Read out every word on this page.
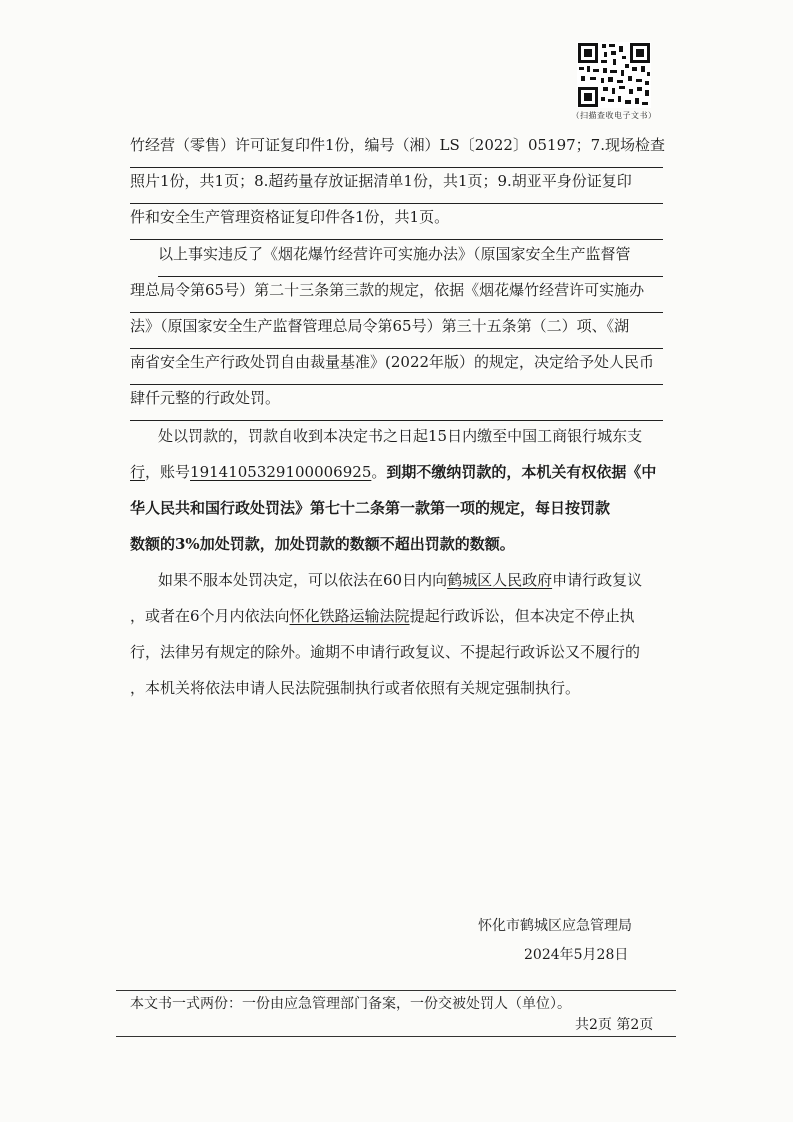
（扫描查收电子文书）
竹经营（零售）许可证复印件1份，编号（湘）LS〔2022〕05197；7.现场检查
照片1份，共1页；8.超药量存放证据清单1份，共1页；9.胡亚平身份证复印
件和安全生产管理资格证复印件各1份，共1页。
以上事实违反了《烟花爆竹经营许可实施办法》（原国家安全生产监督管
理总局令第65号）第二十三条第三款的规定，依据《烟花爆竹经营许可实施办
法》（原国家安全生产监督管理总局令第65号）第三十五条第（二）项、《湖
南省安全生产行政处罚自由裁量基准》(2022年版）的规定，决定给予处人民币
肆仟元整的行政处罚。
处以罚款的，罚款自收到本决定书之日起15日内缴至中国工商银行城东支
行，账号1914105329100006925。到期不缴纳罚款的，本机关有权依据《中
华人民共和国行政处罚法》第七十二条第一款第一项的规定，每日按罚款
数额的3%加处罚款，加处罚款的数额不超出罚款的数额。
如果不服本处罚决定，可以依法在60日内向鹤城区人民政府申请行政复议
，或者在6个月内依法向怀化铁路运输法院提起行政诉讼，但本决定不停止执
行，法律另有规定的除外。逾期不申请行政复议、不提起行政诉讼又不履行的
，本机关将依法申请人民法院强制执行或者依照有关规定强制执行。
怀化市鹤城区应急管理局
2024年5月28日
本文书一式两份：一份由应急管理部门备案，一份交被处罚人（单位）。
共2页 第2页
